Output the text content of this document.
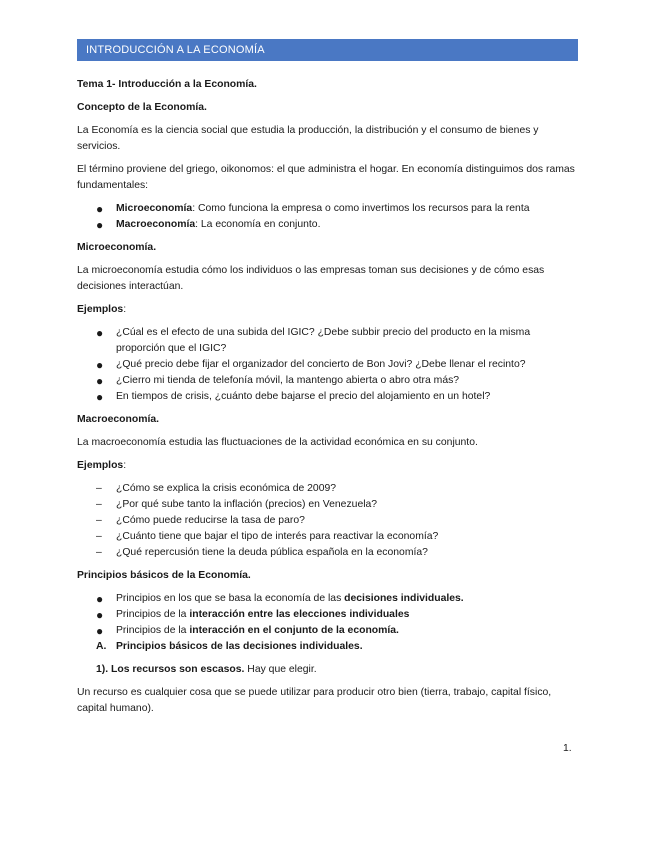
INTRODUCCIÓN A LA ECONOMÍA

Tema 1- Introducción a la Economía.

Concepto de la Economía.

La Economía es la ciencia social que estudia la producción, la distribución y el consumo de bienes y servicios.

El término proviene del griego, oikonomos: el que administra el hogar. En economía distinguimos dos ramas fundamentales:

● Microeconomía: Como funciona la empresa o como invertimos los recursos para la renta
● Macroeconomía: La economía en conjunto.

Microeconomía.

La microeconomía estudia cómo los individuos o las empresas toman sus decisiones y de cómo esas decisiones interactúan.

Ejemplos:

● ¿Cúal es el efecto de una subida del IGIC? ¿Debe subbir precio del producto en la misma proporción que el IGIC?
● ¿Qué precio debe fijar el organizador del concierto de Bon Jovi? ¿Debe llenar el recinto?
● ¿Cierro mi tienda de telefonía móvil, la mantengo abierta o abro otra más?
● En tiempos de crisis, ¿cuánto debe bajarse el precio del alojamiento en un hotel?

Macroeconomía.

La macroeconomía estudia las fluctuaciones de la actividad económica en su conjunto.

Ejemplos:

– ¿Cómo se explica la crisis económica de 2009?
– ¿Por qué sube tanto la inflación (precios) en Venezuela?
– ¿Cómo puede reducirse la tasa de paro?
– ¿Cuánto tiene que bajar el tipo de interés para reactivar la economía?
– ¿Qué repercusión tiene la deuda pública española en la economía?

Principios básicos de la Economía.

● Principios en los que se basa la economía de las decisiones individuales.
● Principios de la interacción entre las elecciones individuales
● Principios de la interacción en el conjunto de la economía.
A. Principios básicos de las decisiones individuales.

1). Los recursos son escasos. Hay que elegir.

Un recurso es cualquier cosa que se puede utilizar para producir otro bien (tierra, trabajo, capital físico, capital humano).

1.
